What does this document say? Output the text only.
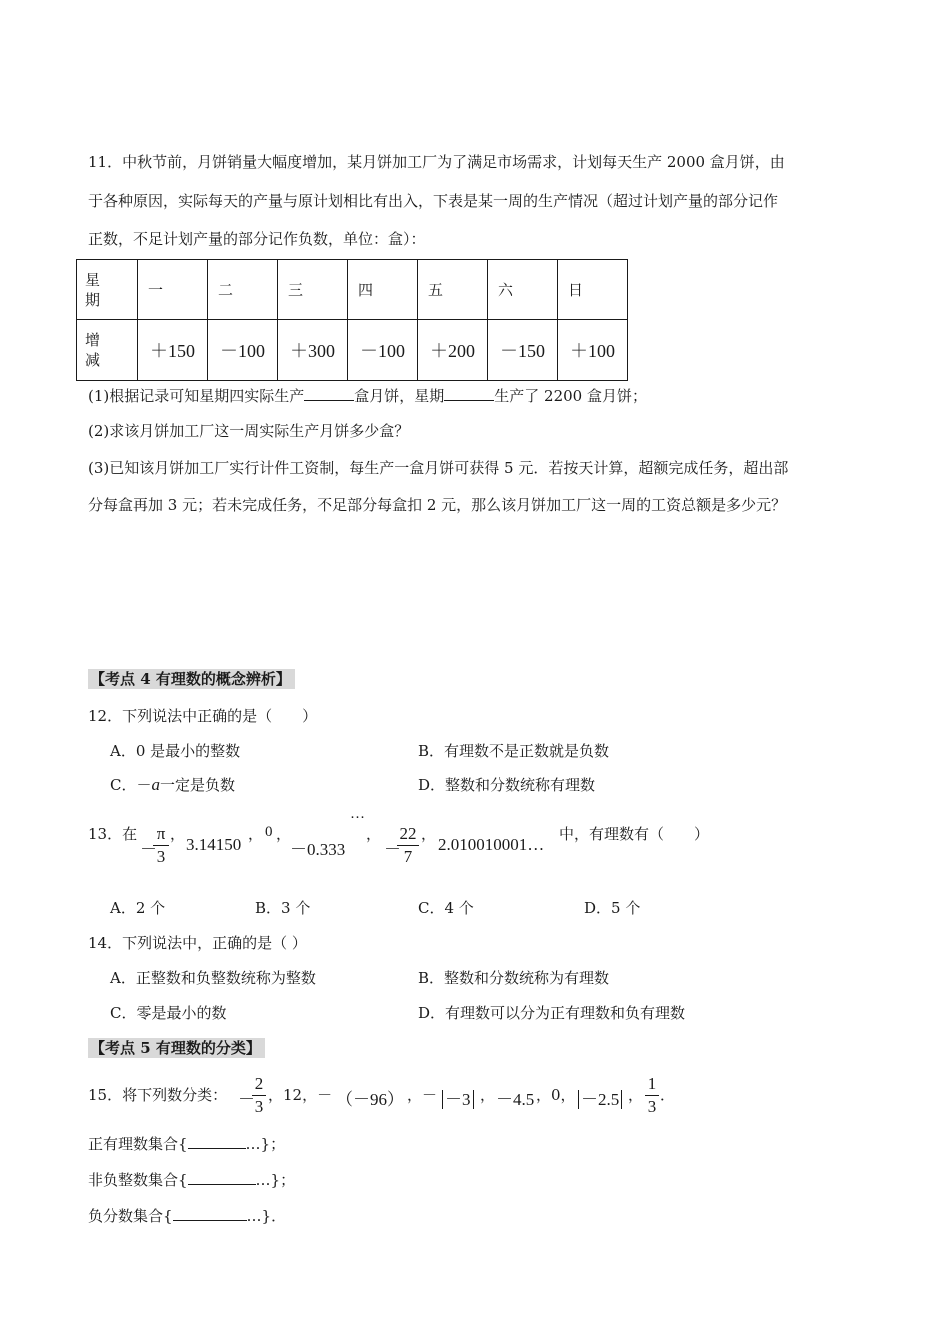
11．中秋节前，月饼销量大幅度增加，某月饼加工厂为了满足市场需求，计划每天生产 2000 盒月饼，由
于各种原因，实际每天的产量与原计划相比有出入，下表是某一周的生产情况（超过计划产量的部分记作
正数，不足计划产量的部分记作负数，单位：盒）：
星
期	一	二	三	四	五	六	日
增
减	＋150	－100	＋300	－100	＋200	－150	＋100
(1)根据记录可知星期四实际生产	盒月饼，星期	生产了 2200 盒月饼；
(2)求该月饼加工厂这一周实际生产月饼多少盒？
(3)已知该月饼加工厂实行计件工资制，每生产一盒月饼可获得 5 元．若按天计算，超额完成任务，超出部
分每盒再加 3 元；若未完成任务，不足部分每盒扣 2 元，那么该月饼加工厂这一周的工资总额是多少元？
【考点 4 有理数的概念辨析】
12．下列说法中正确的是（　　）
A．0 是最小的整数	B．有理数不是正数就是负数
C．－a一定是负数	D．整数和分数统称有理数
13．在
－
π
3
，
3.14150
， 0 ，
－0.333
···
，
－
22
7
，
2.010010001…
中，有理数有（　　）
A．2 个	B．3 个	C．4 个	D．5 个
14．下列说法中，正确的是（ ）
A．正整数和负整数统称为整数	B．整数和分数统称为有理数
C．零是最小的数	D．有理数可以分为正有理数和负有理数
【考点 5 有理数的分类】
15．将下列数分类： －
2
3
，12，－ （－96） ，－ －3 ， －4.5 ，0， －2.5 ，
1
3
．
正有理数集合{	…}；
非负整数集合{	…}；
负分数集合{	…}．
